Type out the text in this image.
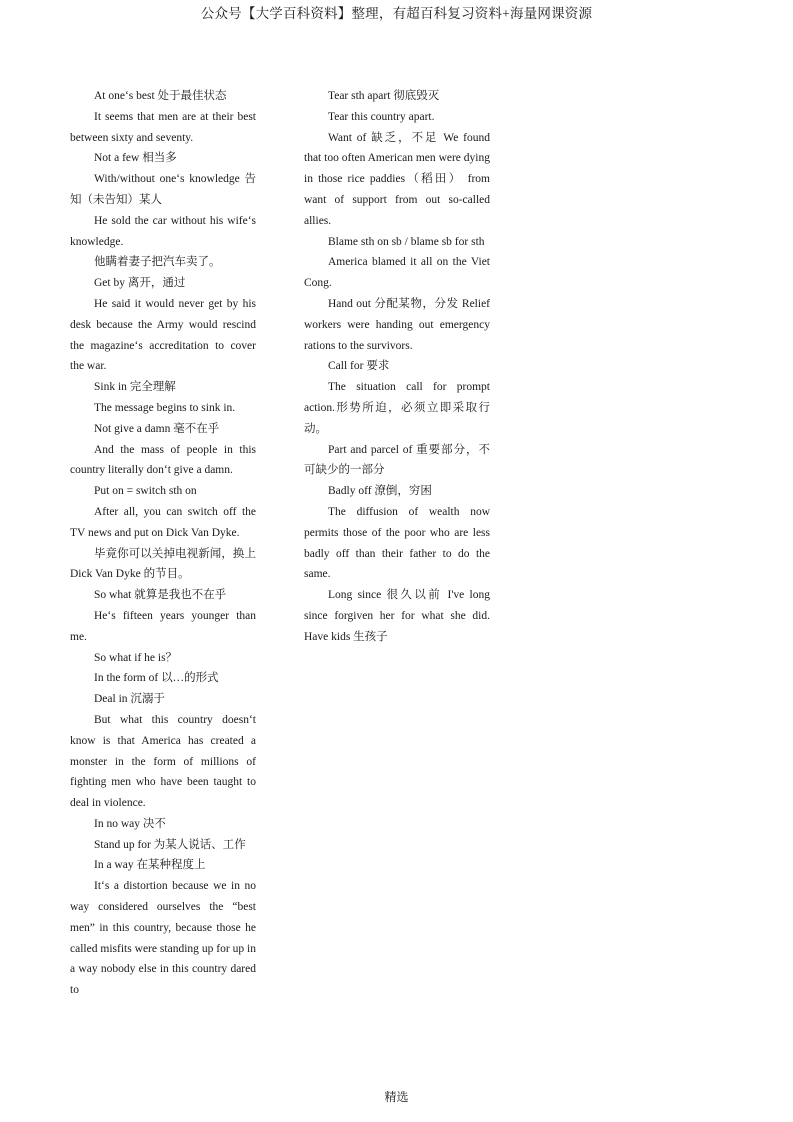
公众号【大学百科资料】整理，有超百科复习资料+海量网课资源

At one‘s best 处于最佳状态

It seems that men are at their best between sixty and seventy.

Not a few 相当多

With/without one‘s knowledge 告知（未告知）某人

He sold the car without his wife‘s knowledge.

他瞒着妻子把汽车卖了。

Get by 离开，通过

He said it would never get by his desk because the Army would rescind the magazine‘s accreditation to cover the war.

Sink in 完全理解

The message begins to sink in.

Not give a damn 毫不在乎

And the mass of people in this country literally don‘t give a damn.

Put on = switch sth on

After all, you can switch off the TV news and put on Dick Van Dyke.

毕竟你可以关掉电视新闻，换上 Dick Van Dyke 的节目。

So what 就算是我也不在乎

He‘s fifteen years younger than me.

So what if he is？

In the form of 以…的形式

Deal in 沉溺于

But what this country doesn‘t know is that America has created a monster in the form of millions of fighting men who have been taught to deal in violence.

In no way 决不

Stand up for 为某人说话、工作

In a way 在某种程度上

It‘s a distortion because we in no way considered ourselves the “best men” in this country, because those he called misfits were standing up for up in a way nobody else in this country dared to

Tear sth apart 彻底毁灭

Tear this country apart.

Want of 缺乏，不足 We found that too often American men were dying in those rice paddies（稻田） from want of support from out so-called allies.

Blame sth on sb / blame sb for sth

America blamed it all on the Viet Cong.

Hand out 分配某物，分发 Relief workers were handing out emergency rations to the survivors.

Call for 要求

The situation call for prompt action.形势所迫，必须立即采取行动。

Part and parcel of 重要部分，不可缺少的一部分

Badly off 潦倒，穷困

The diffusion of wealth now permits those of the poor who are less badly off than their father to do the same.

Long since 很久以前 I've long since forgiven her for what she did. Have kids 生孩子

精选
